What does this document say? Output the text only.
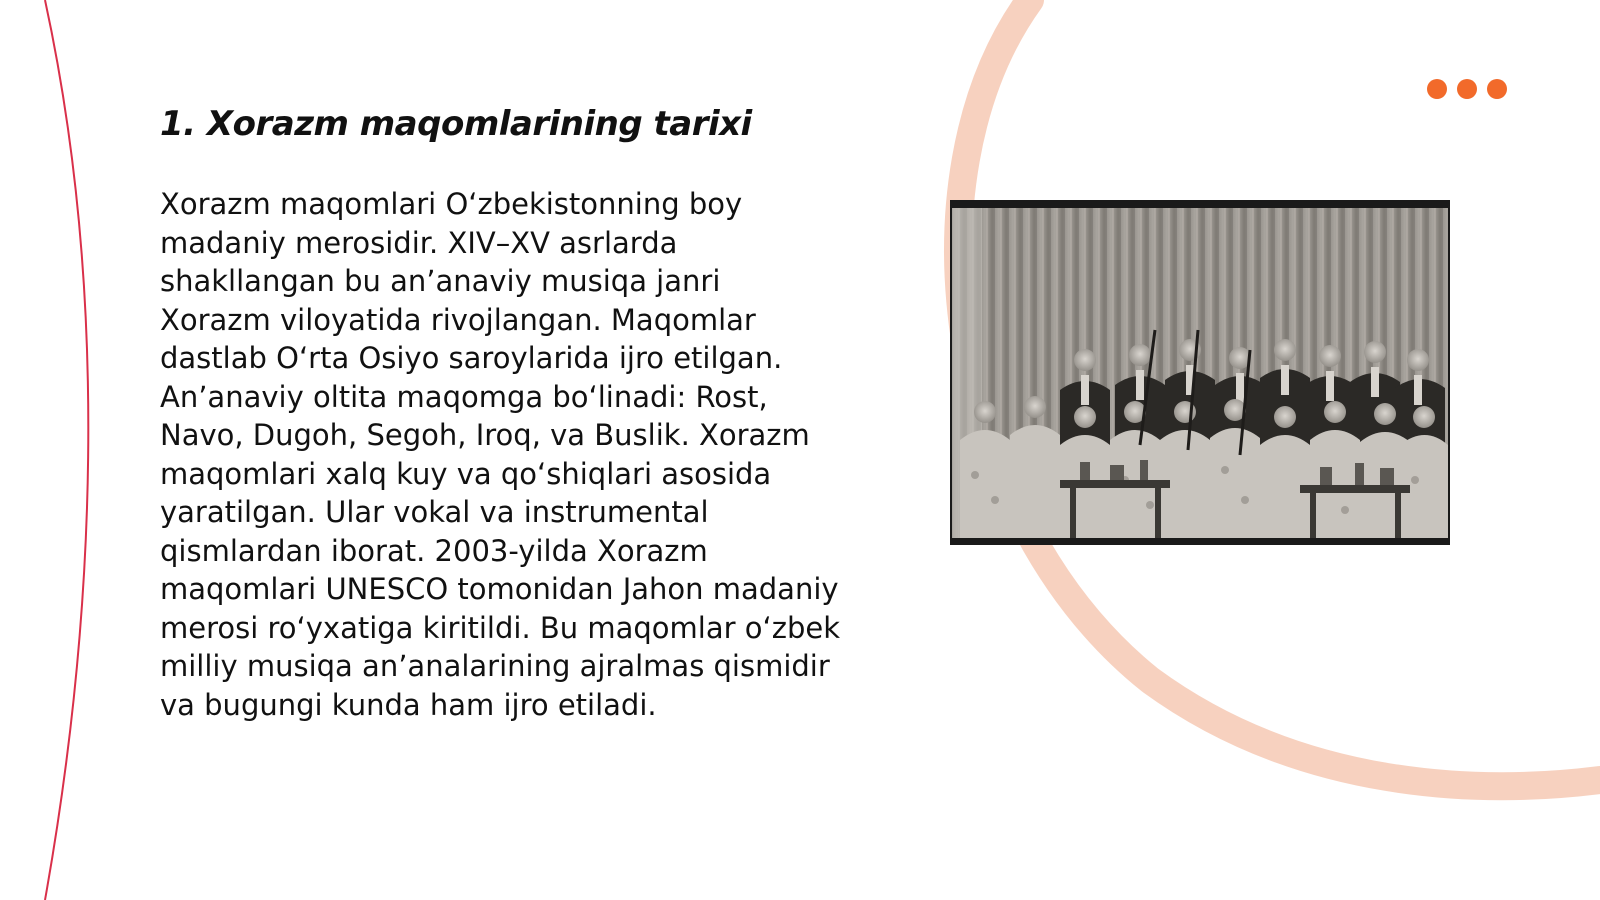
1. Xorazm maqomlarining tarixi

Xorazm maqomlari O‘zbekistonning boy madaniy merosidir. XIV–XV asrlarda shakllangan bu an’anaviy musiqa janri Xorazm viloyatida rivojlangan. Maqomlar dastlab O‘rta Osiyo saroylarida ijro etilgan. An’anaviy oltita maqomga bo‘linadi: Rost, Navo, Dugoh, Segoh, Iroq, va Buslik. Xorazm maqomlari xalq kuy va qo‘shiqlari asosida yaratilgan. Ular vokal va instrumental qismlardan iborat. 2003-yilda Xorazm maqomlari UNESCO tomonidan Jahon madaniy merosi ro‘yxatiga kiritildi. Bu maqomlar o‘zbek milliy musiqa an’analarining ajralmas qismidir va bugungi kunda ham ijro etiladi.
